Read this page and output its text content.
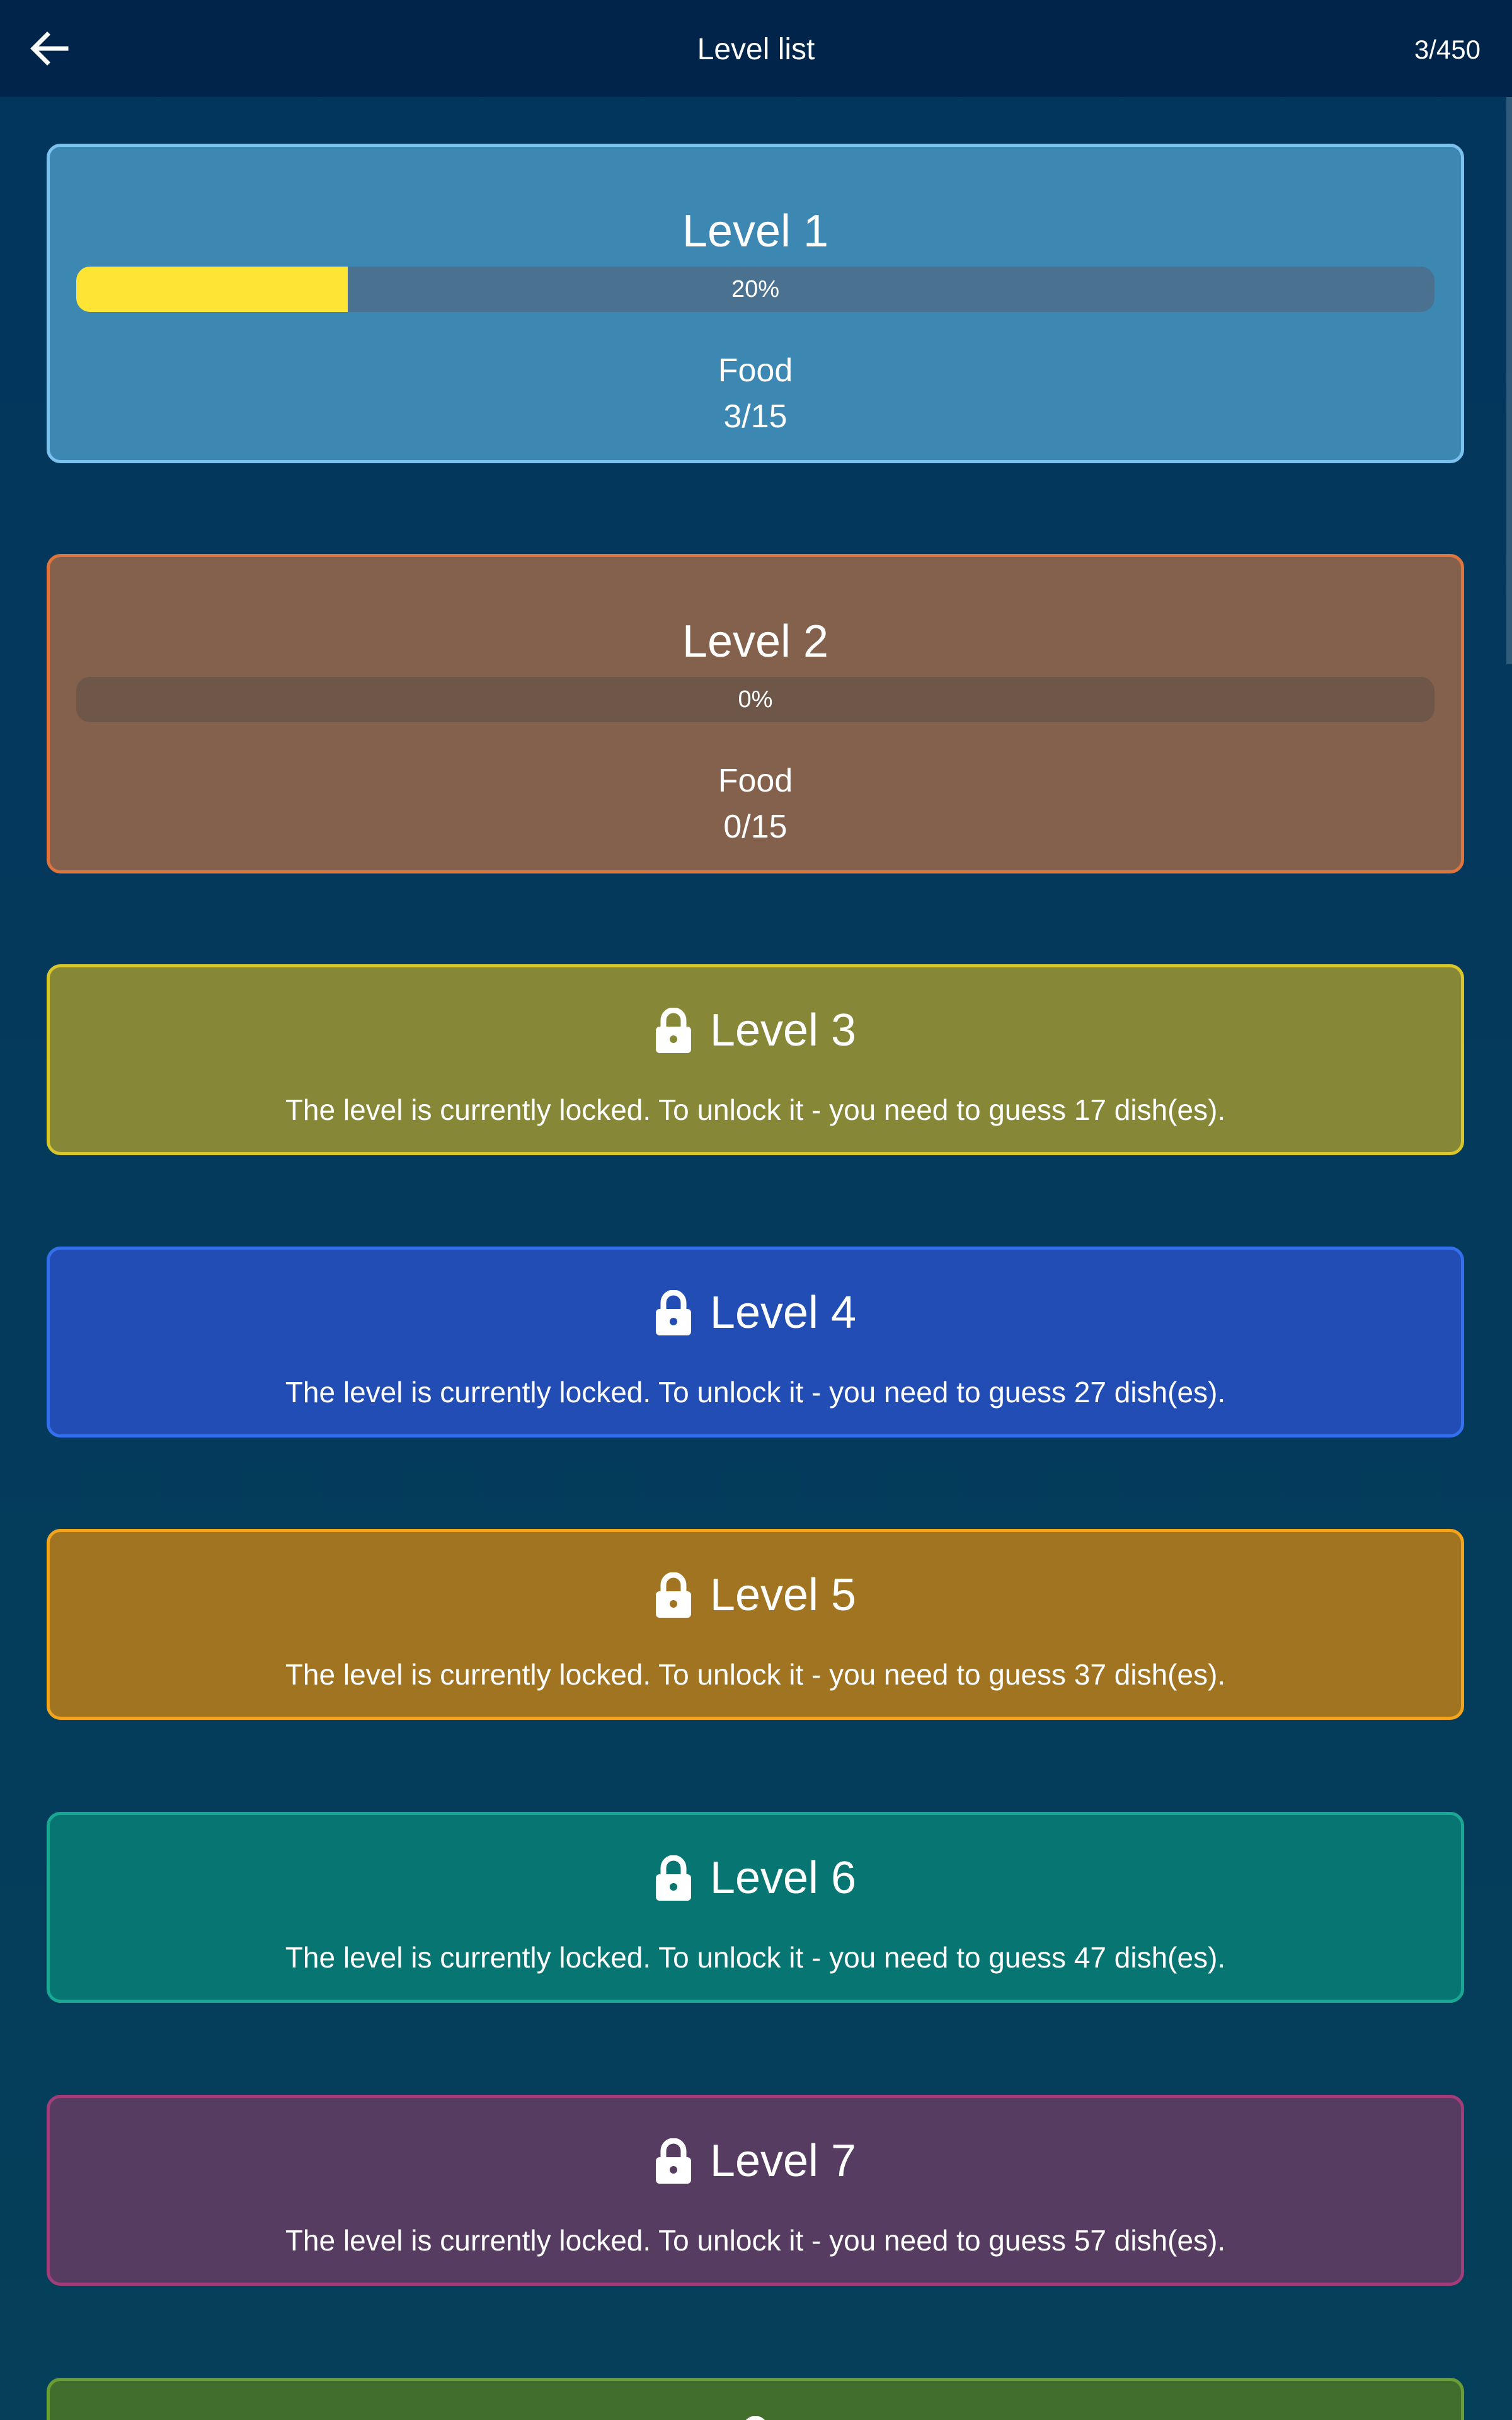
Level 1
20%
Food
3/15
Level 2
0%
Food
0/15
Level 3
The level is currently locked. To unlock it - you need to guess 17 dish(es).
Level 4
The level is currently locked. To unlock it - you need to guess 27 dish(es).
Level 5
The level is currently locked. To unlock it - you need to guess 37 dish(es).
Level 6
The level is currently locked. To unlock it - you need to guess 47 dish(es).
Level 7
The level is currently locked. To unlock it - you need to guess 57 dish(es).
Level list	3/450
